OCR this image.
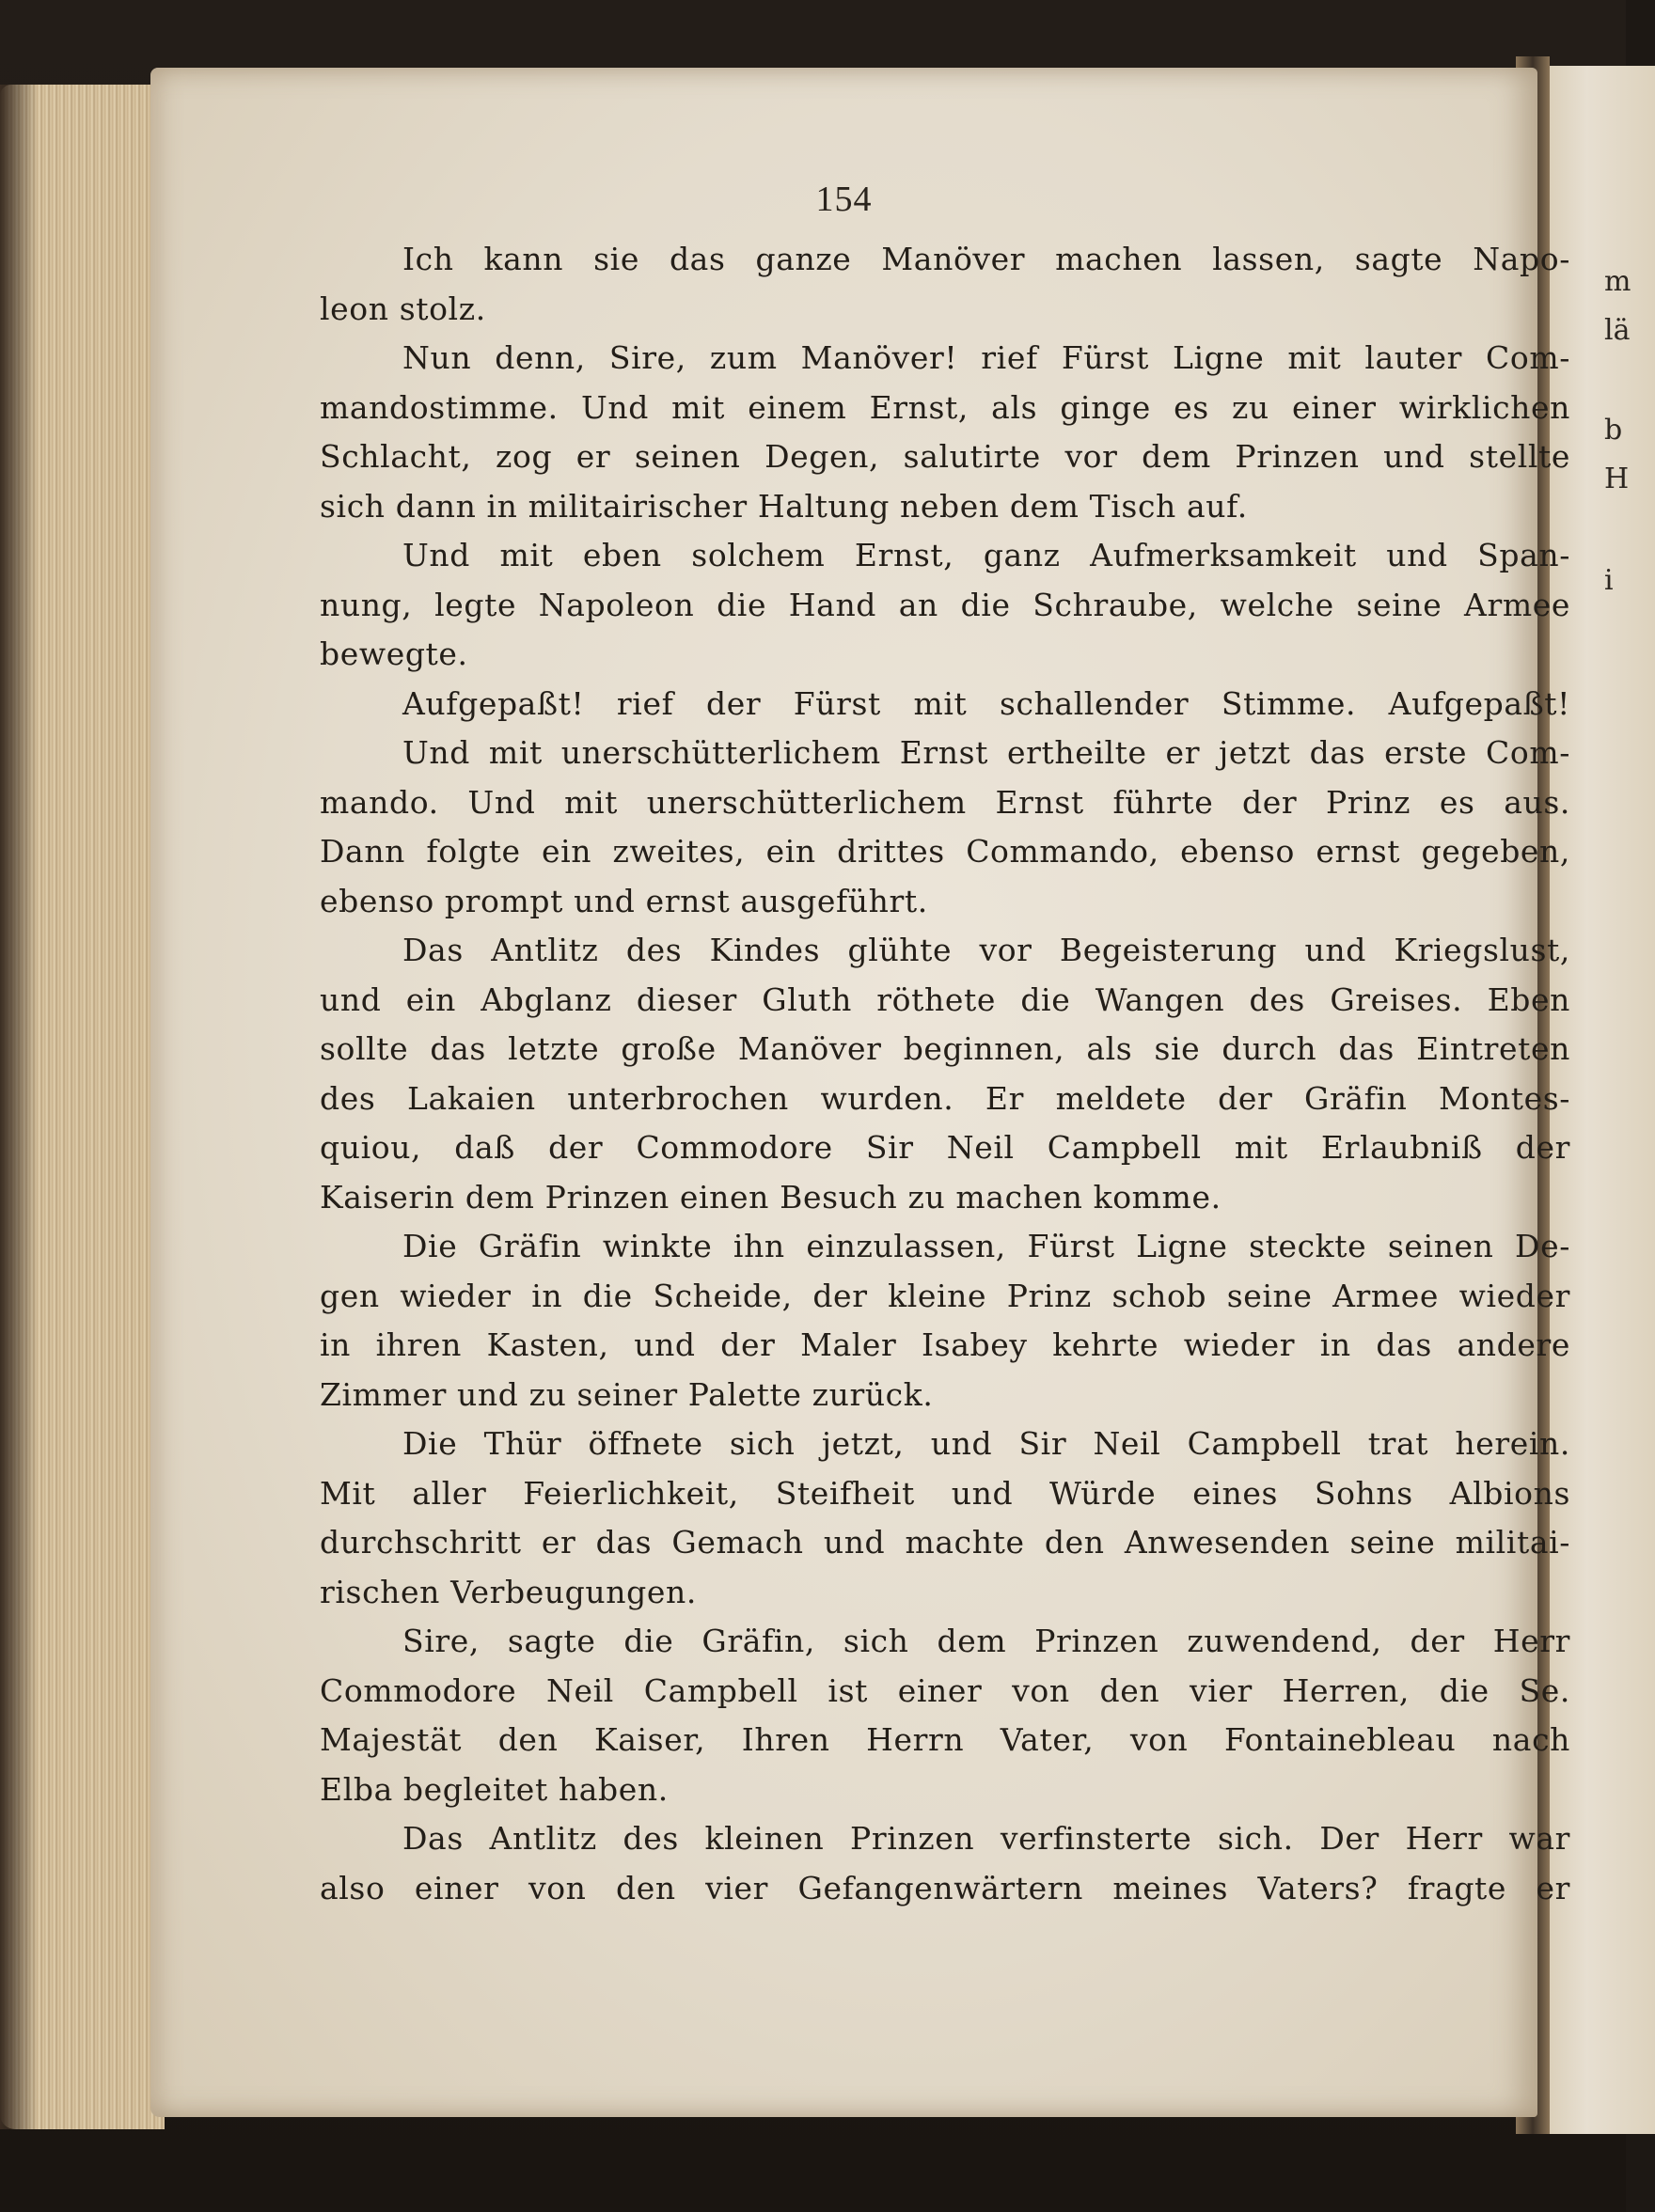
m
lä
b
H
i
154
Ich kann sie das ganze Manöver machen lassen, sagte Napo-
leon stolz.
Nun denn, Sire, zum Manöver! rief Fürst Ligne mit lauter Com-
mandostimme. Und mit einem Ernst, als ginge es zu einer wirklichen
Schlacht, zog er seinen Degen, salutirte vor dem Prinzen und stellte
sich dann in militairischer Haltung neben dem Tisch auf.
Und mit eben solchem Ernst, ganz Aufmerksamkeit und Span-
nung, legte Napoleon die Hand an die Schraube, welche seine Armee
bewegte.
Aufgepaßt! rief der Fürst mit schallender Stimme. Aufgepaßt!
Und mit unerschütterlichem Ernst ertheilte er jetzt das erste Com-
mando. Und mit unerschütterlichem Ernst führte der Prinz es aus.
Dann folgte ein zweites, ein drittes Commando, ebenso ernst gegeben,
ebenso prompt und ernst ausgeführt.
Das Antlitz des Kindes glühte vor Begeisterung und Kriegslust,
und ein Abglanz dieser Gluth röthete die Wangen des Greises. Eben
sollte das letzte große Manöver beginnen, als sie durch das Eintreten
des Lakaien unterbrochen wurden. Er meldete der Gräfin Montes-
quiou, daß der Commodore Sir Neil Campbell mit Erlaubniß der
Kaiserin dem Prinzen einen Besuch zu machen komme.
Die Gräfin winkte ihn einzulassen, Fürst Ligne steckte seinen De-
gen wieder in die Scheide, der kleine Prinz schob seine Armee wieder
in ihren Kasten, und der Maler Isabey kehrte wieder in das andere
Zimmer und zu seiner Palette zurück.
Die Thür öffnete sich jetzt, und Sir Neil Campbell trat herein.
Mit aller Feierlichkeit, Steifheit und Würde eines Sohns Albions
durchschritt er das Gemach und machte den Anwesenden seine militai-
rischen Verbeugungen.
Sire, sagte die Gräfin, sich dem Prinzen zuwendend, der Herr
Commodore Neil Campbell ist einer von den vier Herren, die Se.
Majestät den Kaiser, Ihren Herrn Vater, von Fontainebleau nach
Elba begleitet haben.
Das Antlitz des kleinen Prinzen verfinsterte sich. Der Herr war
also einer von den vier Gefangenwärtern meines Vaters? fragte er
